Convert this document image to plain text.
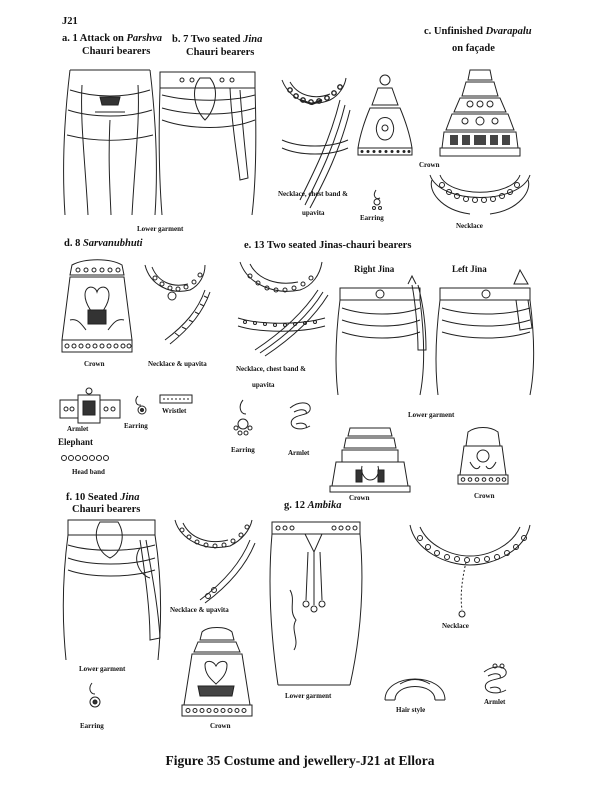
J21
a. 1 Attack on Parshva
Chauri bearers
Lower garment
b. 7 Two seated Jina
Chauri bearers
Necklace, chest band &
upavita
Earring
c. Unfinished Dvarapalu
on façade
Crown
Necklace
d. 8 Sarvanubhuti
Crown	Necklace & upavita
Armlet	Earring
Wristlet
Elephant
Head band
e. 13 Two seated Jinas-chauri bearers
Right Jina	Left Jina
Necklace, chest band &
upavita
Lower garment
Earring	Armlet
Crown	Crown
f. 10 Seated Jina
Chauri bearers
Lower garment
Necklace & upavita
Earring	Crown
g. 12 Ambika
Lower garment
Hair style
Necklace
Armlet
Figure 35 Costume and jewellery-J21 at Ellora
